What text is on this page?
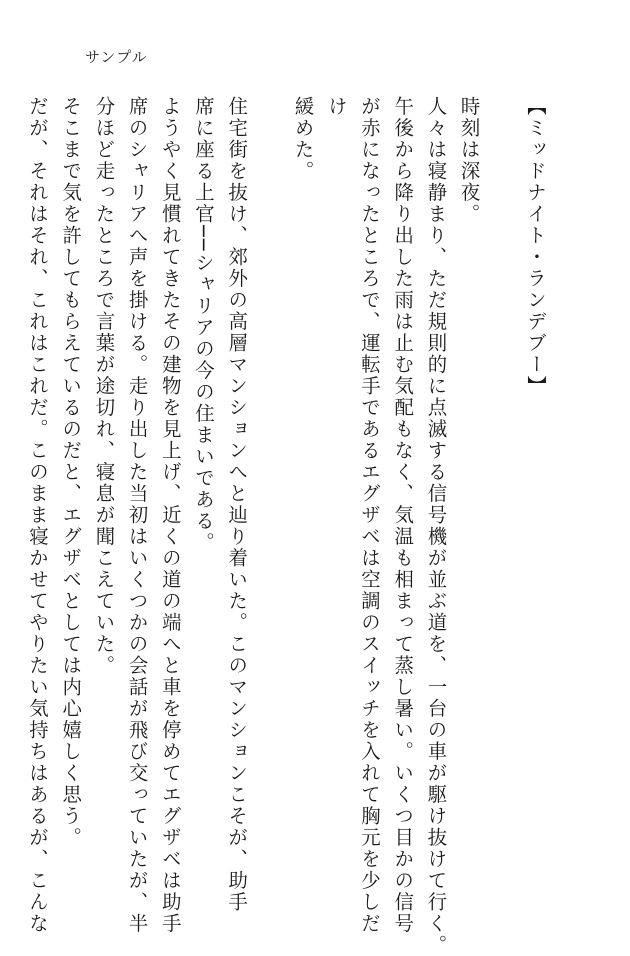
サンプル
【ミッドナイト・ランデブー】
時刻は深夜。
人々は寝静まり、ただ規則的に点滅する信号機が並ぶ道を、一台の車が駆け抜けて行く。
午後から降り出した雨は止む気配もなく、気温も相まって蒸し暑い。いくつ目かの信号
が赤になったところで、運転手であるエグザベは空調のスイッチを入れて胸元を少しだ
け
緩めた。
住宅街を抜け、郊外の高層マンションへと辿り着いた。このマンションこそが、助手
席に座る上官──シャリアの今の住まいである。
ようやく見慣れてきたその建物を見上げ、近くの道の端へと車を停めてエグザベは助手
席のシャリアへ声を掛ける。走り出した当初はいくつかの会話が飛び交っていたが、半
分ほど走ったところで言葉が途切れ、寝息が聞こえていた。
そこまで気を許してもらえているのだと、エグザベとしては内心嬉しく思う。
だが、それはそれ、これはこれだ。このまま寝かせてやりたい気持ちはあるが、こんな
